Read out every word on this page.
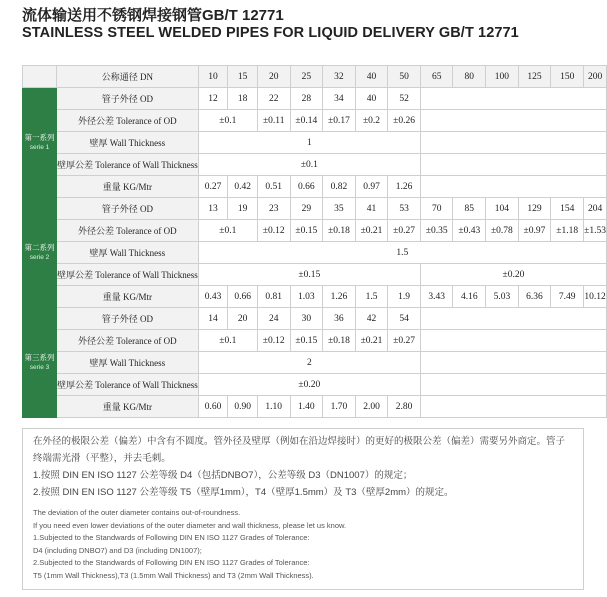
流体输送用不锈钢焊接钢管GB/T 12771
STAINLESS STEEL WELDED PIPES FOR LIQUID DELIVERY GB/T 12771
	公称通径 DN	10	15	20	25	32	40	50	65	80	100	125	150	200

第一系列
serie 1	管子外径 OD	12	18	22	28	34	40	52						
	外径公差 Tolerance of OD	±0.1		±0.11	±0.14	±0.17	±0.2	±0.26						
	壁厚 Wall Thickness	1												
	壁厚公差 Tolerance of Wall Thickness	±0.1												
	重量 KG/Mtr	0.27	0.42	0.51	0.66	0.82	0.97	1.26						

第二系列
serie 2	管子外径 OD	13	19	23	29	35	41	53	70	85	104	129	154	204
	外径公差 Tolerance of OD	±0.1		±0.12	±0.15	±0.18	±0.21	±0.27	±0.35	±0.43	±0.78	±0.97	±1.18	±1.53
	壁厚 Wall Thickness	1.5												
	壁厚公差 Tolerance of Wall Thickness	±0.15							±0.20					
	重量 KG/Mtr	0.43	0.66	0.81	1.03	1.26	1.5	1.9	3.43	4.16	5.03	6.36	7.49	10.12

第三系列
serie 3	管子外径 OD	14	20	24	30	36	42	54						
	外径公差 Tolerance of OD	±0.1		±0.12	±0.15	±0.18	±0.21	±0.27						
	壁厚 Wall Thickness	2												
	壁厚公差 Tolerance of Wall Thickness	±0.20												
	重量 KG/Mtr	0.60	0.90	1.10	1.40	1.70	2.00	2.80						

在外径的极限公差（偏差）中含有不圆度。管外径及壁厚（例如在沿边焊接时）的更好的极限公差（偏差）需要另外商定。管子

终端需光滑（平整），并去毛刺。

1.按照 DIN EN ISO 1127 公差等级 D4（包括DNBO7），公差等级 D3（DN1007）的规定；

2.按照 DIN EN ISO 1127 公差等级 T5（壁厚1mm），T4（壁厚1.5mm）及 T3（壁厚2mm）的规定。

The deviation of the outer diameter contains out-of-roundness.

If you need even lower deviations of the outer diameter and wall thickness, please let us know.

1.Subjected to the Standwards of Following DIN EN ISO 1127 Grades of Tolerance:

D4 (including DNBO7) and D3 (including DN1007);

2.Subjected to the Standwards of Following DIN EN ISO 1127 Grades of Tolerance:

T5 (1mm Wall Thickness),T3 (1.5mm Wall Thickness) and T3 (2mm Wall Thickness).
